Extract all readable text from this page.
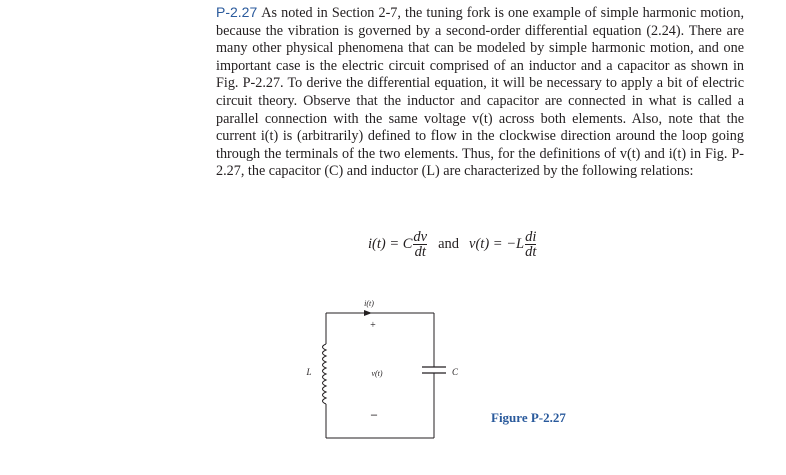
P-2.27 As noted in Section 2-7, the tuning fork is one example of simple harmonic motion, because the vibration is governed by a second-order differential equation (2.24). There are many other physical phenomena that can be modeled by simple harmonic motion, and one important case is the electric circuit comprised of an inductor and a capacitor as shown in Fig. P-2.27. To derive the differential equation, it will be necessary to apply a bit of electric circuit theory. Observe that the inductor and capacitor are connected in what is called a parallel connection with the same voltage v(t) across both elements. Also, note that the current i(t) is (arbitrarily) defined to flow in the clockwise direction around the loop going through the terminals of the two elements. Thus, for the definitions of v(t) and i(t) in Fig. P-2.27, the capacitor (C) and inductor (L) are characterized by the following relations:
i(t) = C $\frac{dv}{dt}$ and $v(t) = -L \frac{di}{dt}$
i(t)
+
v(t)
–
L	C
Figure P-2.27
